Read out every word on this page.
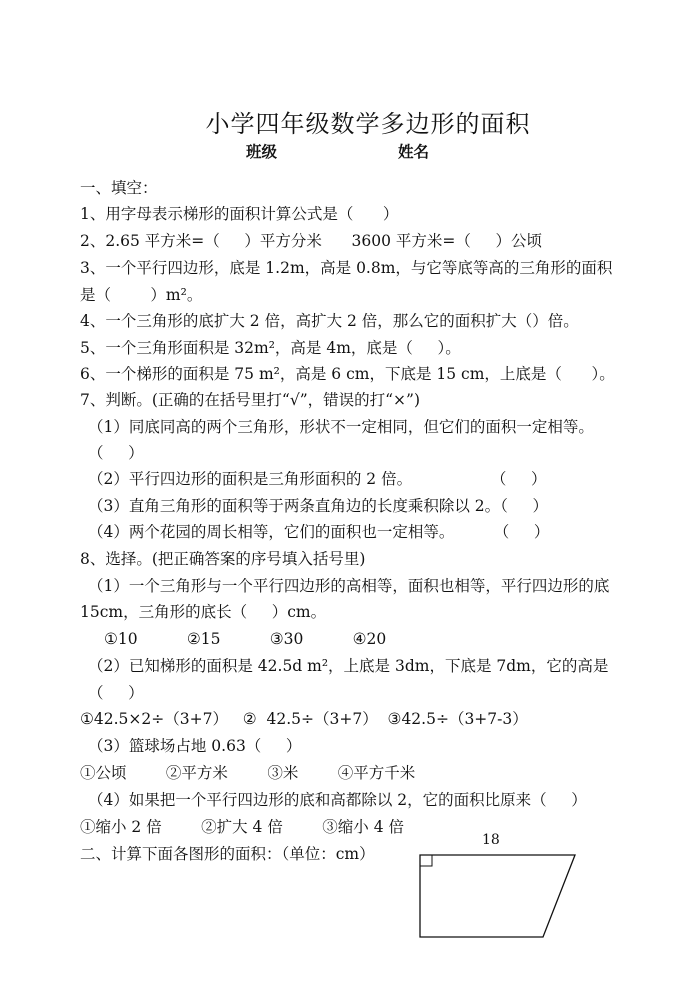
小学四年级数学多边形的面积
班级	姓名
一、填空：
1、用字母表示梯形的面积计算公式是（      ）
2、2.65 平方米=（     ）平方分米      3600 平方米=（     ）公顷
3、一个平行四边形，底是 1.2m，高是 0.8m，与它等底等高的三角形的面积
是（        ）m²。
4、一个三角形的底扩大 2 倍，高扩大 2 倍，那么它的面积扩大（）倍。
5、一个三角形面积是 32m²，高是 4m，底是（     ）。
6、一个梯形的面积是 75 m²，高是 6 cm，下底是 15 cm，上底是（      ）。
7、判断。(正确的在括号里打“√”，错误的打“×”)
（1）同底同高的两个三角形，形状不一定相同，但它们的面积一定相等。
（     ）
（2）平行四边形的面积是三角形面积的 2 倍。                （     ）
（3）直角三角形的面积等于两条直角边的长度乘积除以 2。（     ）
（4）两个花园的周长相等，它们的面积也一定相等。        （     ）
8、选择。(把正确答案的序号填入括号里)
（1）一个三角形与一个平行四边形的高相等，面积也相等，平行四边形的底
15cm，三角形的底长（     ）cm。
①10          ②15          ③30          ④20
（2）已知梯形的面积是 42.5d m²，上底是 3dm，下底是 7dm，它的高是
（     ）
①42.5×2÷（3+7）   ②  42.5÷（3+7）  ③42.5÷（3+7-3）
（3）篮球场占地 0.63（     ）
①公顷        ②平方米        ③米        ④平方千米
（4）如果把一个平行四边形的底和高都除以 2，它的面积比原来（     ）
①缩小 2 倍        ②扩大 4 倍        ③缩小 4 倍
二、计算下面各图形的面积：（单位：cm）
18
